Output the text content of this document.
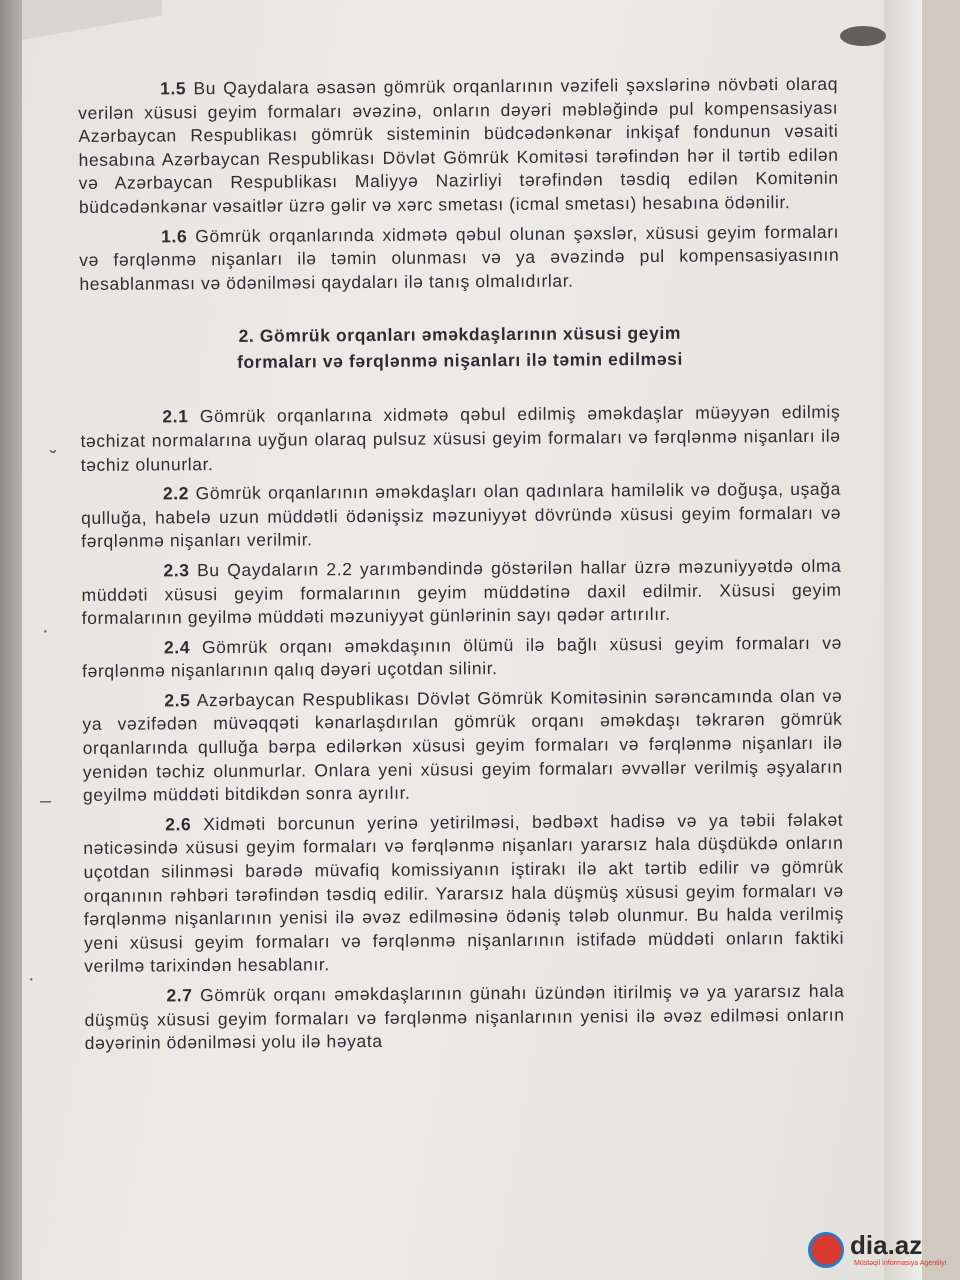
1.5 Bu Qaydalara əsasən gömrük orqanlarının vəzifeli şəxslərinə növbəti olaraq verilən xüsusi geyim formaları əvəzinə, onların dəyəri məbləğində pul kompensasiyası Azərbaycan Respublikası gömrük sisteminin büdcədənkənar inkişaf fondunun vəsaiti hesabına Azərbaycan Respublikası Dövlət Gömrük Komitəsi tərəfindən hər il tərtib edilən və Azərbaycan Respublikası Maliyyə Nazirliyi tərəfindən təsdiq edilən Komitənin büdcədənkənar vəsaitlər üzrə gəlir və xərc smetası (icmal smetası) hesabına ödənilir.

1.6 Gömrük orqanlarında xidmətə qəbul olunan şəxslər, xüsusi geyim formaları və fərqlənmə nişanları ilə təmin olunması və ya əvəzində pul kompensasiyasının hesablanması və ödənilməsi qaydaları ilə tanış olmalıdırlar.

2. Gömrük orqanları əməkdaşlarının xüsusi geyim
formaları və fərqlənmə nişanları ilə təmin edilməsi

2.1 Gömrük orqanlarına xidmətə qəbul edilmiş əməkdaşlar müəyyən edilmiş təchizat normalarına uyğun olaraq pulsuz xüsusi geyim formaları və fərqlənmə nişanları ilə təchiz olunurlar.

2.2 Gömrük orqanlarının əməkdaşları olan qadınlara hamiləlik və doğuşa, uşağa qulluğa, habelə uzun müddətli ödənişsiz məzuniyyət dövründə xüsusi geyim formaları və fərqlənmə nişanları verilmir.

2.3 Bu Qaydaların 2.2 yarımbəndində göstərilən hallar üzrə məzuniyyətdə olma müddəti xüsusi geyim formalarının geyim müddətinə daxil edilmir. Xüsusi geyim formalarının geyilmə müddəti məzuniyyət günlərinin sayı qədər artırılır.

2.4 Gömrük orqanı əməkdaşının ölümü ilə bağlı xüsusi geyim formaları və fərqlənmə nişanlarının qalıq dəyəri uçotdan silinir.

2.5 Azərbaycan Respublikası Dövlət Gömrük Komitəsinin sərəncamında olan və ya vəzifədən müvəqqəti kənarlaşdırılan gömrük orqanı əməkdaşı təkrarən gömrük orqanlarında qulluğa bərpa edilərkən xüsusi geyim formaları və fərqlənmə nişanları ilə yenidən təchiz olunmurlar. Onlara yeni xüsusi geyim formaları əvvəllər verilmiş əşyaların geyilmə müddəti bitdikdən sonra ayrılır.

2.6 Xidməti borcunun yerinə yetirilməsi, bədbəxt hadisə və ya təbii fəlakət nəticəsində xüsusi geyim formaları və fərqlənmə nişanları yararsız hala düşdükdə onların uçotdan silinməsi barədə müvafiq komissiyanın iştirakı ilə akt tərtib edilir və gömrük orqanının rəhbəri tərəfindən təsdiq edilir. Yararsız hala düşmüş xüsusi geyim formaları və fərqlənmə nişanlarının yenisi ilə əvəz edilməsinə ödəniş tələb olunmur. Bu halda verilmiş yeni xüsusi geyim formaları və fərqlənmə nişanlarının istifadə müddəti onların faktiki verilmə tarixindən hesablanır.

2.7 Gömrük orqanı əməkdaşlarının günahı üzündən itirilmiş və ya yararsız hala düşmüş xüsusi geyim formaları və fərqlənmə nişanlarının yenisi ilə əvəz edilməsi onların dəyərinin ödənilməsi yolu ilə həyata

˘
·
–
·
dia.az
Müstəqil İnformasiya Agentliyi
